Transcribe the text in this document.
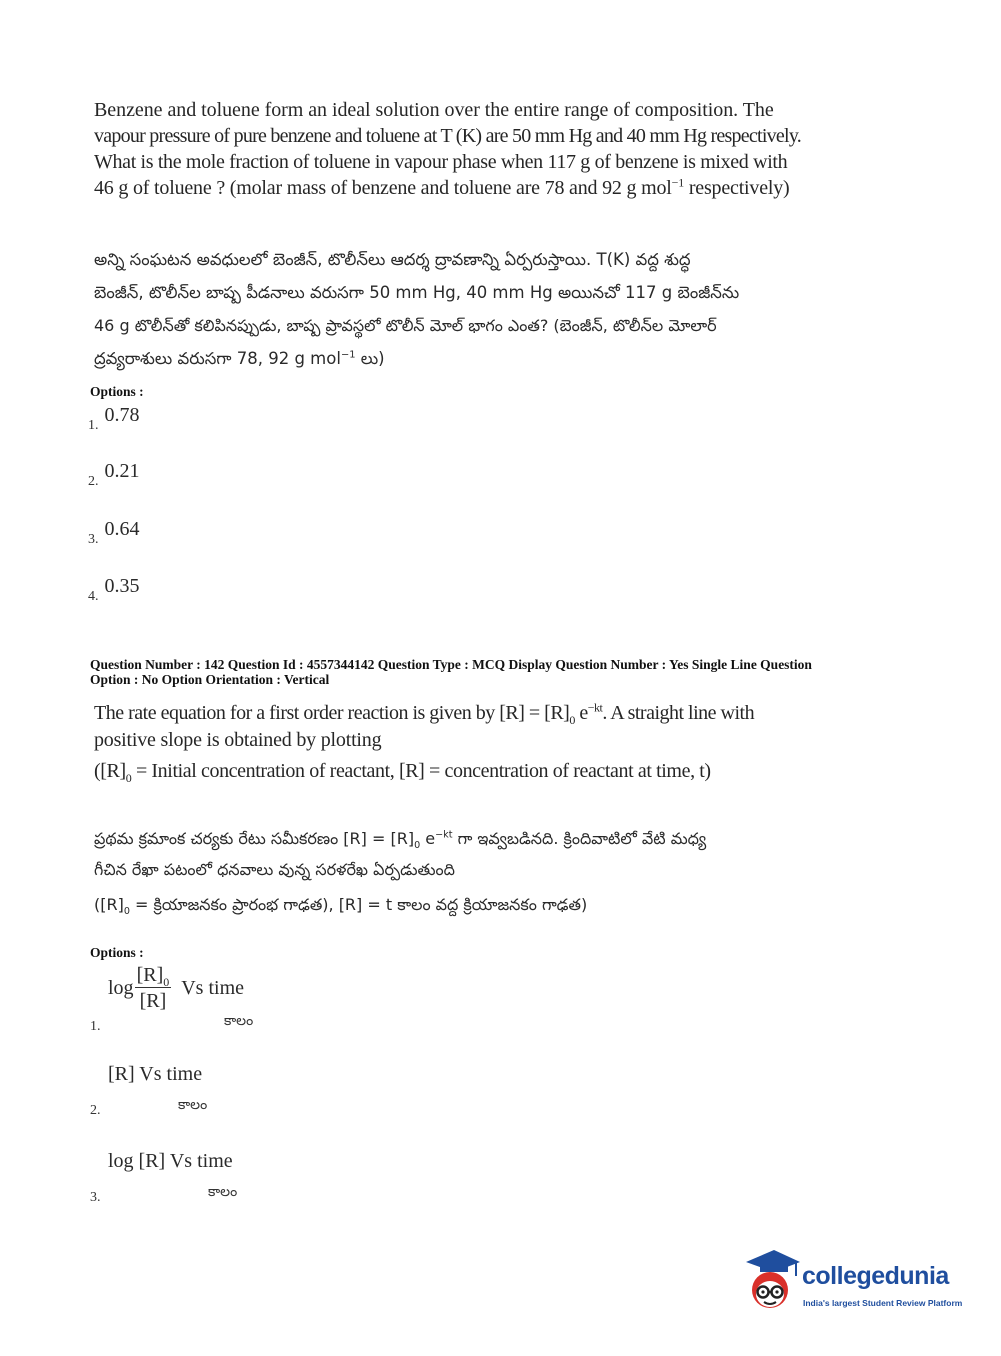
Benzene and toluene form an ideal solution over the entire range of composition. The
vapour pressure of pure benzene and toluene at T (K) are 50 mm Hg and 40 mm Hg respectively.
What is the mole fraction of toluene in vapour phase when 117 g of benzene is mixed with
46 g of toluene ? (molar mass of benzene and toluene are 78 and 92 g mol$^{-1}$ respectively)
అన్ని సంఘటన అవధులలో బెంజీన్, టొలీన్‌లు ఆదర్శ ద్రావణాన్ని ఏర్పరుస్తాయి. T(K) వద్ద శుద్ధ
బెంజీన్, టొలీన్‌ల బాష్ప పీడనాలు వరుసగా 50 mm Hg, 40 mm Hg అయినచో 117 g బెంజీన్‌ను
46 g టొలీన్‌తో కలిపినప్పుడు, బాష్ప ప్రావస్థలో టొలీన్ మోల్ భాగం ఎంత? (బెంజీన్, టొలీన్‌ల మోలార్
ద్రవ్యరాశులు వరుసగా 78, 92 g mol$^{-1}$ లు)
Options :
1. 0.78
2. 0.21
3. 0.64
4. 0.35
Question Number : 142 Question Id : 4557344142 Question Type : MCQ Display Question Number : Yes Single Line Question
Option : No Option Orientation : Vertical
The rate equation for a first order reaction is given by $[R] = [R]_0$ $e^{-kt}$. A straight line with
positive slope is obtained by plotting
($[R]_0$ = Initial concentration of reactant, [R] = concentration of reactant at time, t)
ప్రథమ క్రమాంక చర్యకు రేటు సమీకరణం $[R] = [R]_0$ $e^{-kt}$ గా ఇవ్వబడినది. క్రిందివాటిలో వేటి మధ్య
గీచిన రేఖా పటంలో ధనవాలు వున్న సరళరేఖ ఏర్పడుతుంది
($[R]_0$ = క్రియాజనకం ప్రారంభ గాఢత), [R] = t కాలం వద్ద క్రియాజనకం గాఢత)
Options :
$\log \frac{[R]_0}{[R]}$ Vs time
కాలం
1.
[R] Vs time
కాలం
2.
log [R] Vs time
కాలం
3.
collegedunia
India's largest Student Review Platform
